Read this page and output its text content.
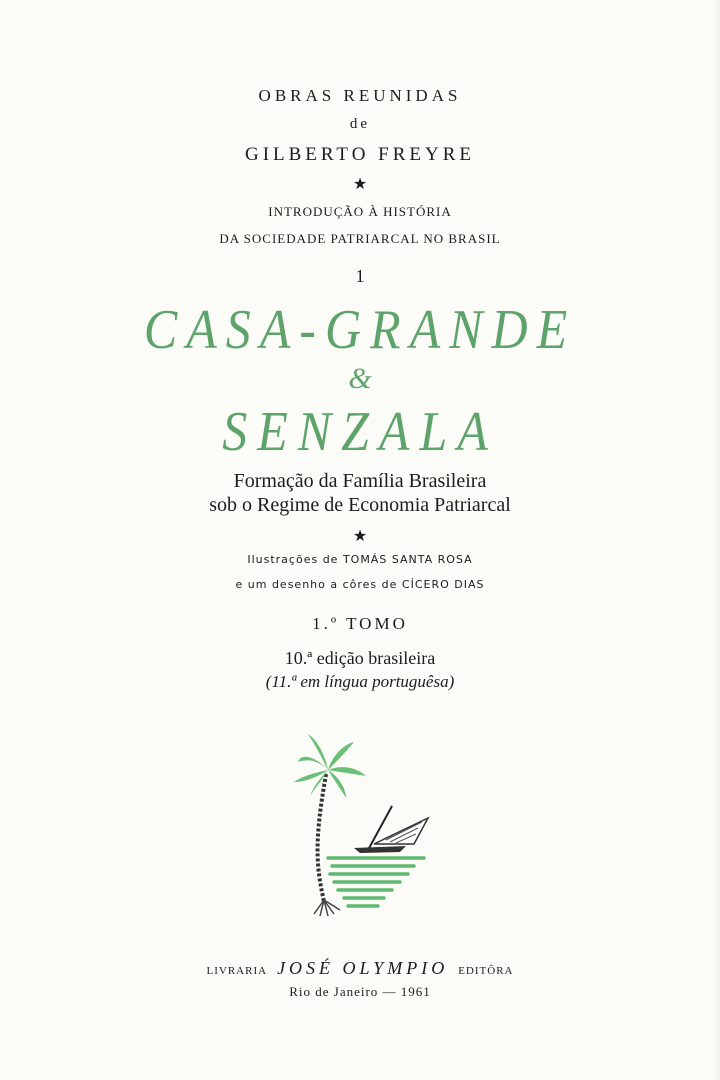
OBRAS REUNIDAS
de
GILBERTO FREYRE
★
INTRODUÇÃO À HISTÓRIA
DA SOCIEDADE PATRIARCAL NO BRASIL
1
CASA-GRANDE
&
SENZALA
Formação da Família Brasileira
sob o Regime de Economia Patriarcal
★
Ilustrações de TOMÁS SANTA ROSA
e um desenho a côres de CÍCERO DIAS
1.º TOMO
10.ª edição brasileira
(11.ª em língua portuguêsa)
LIVRARIA JOSÉ OLYMPIO EDITÔRA
Rio de Janeiro — 1961
